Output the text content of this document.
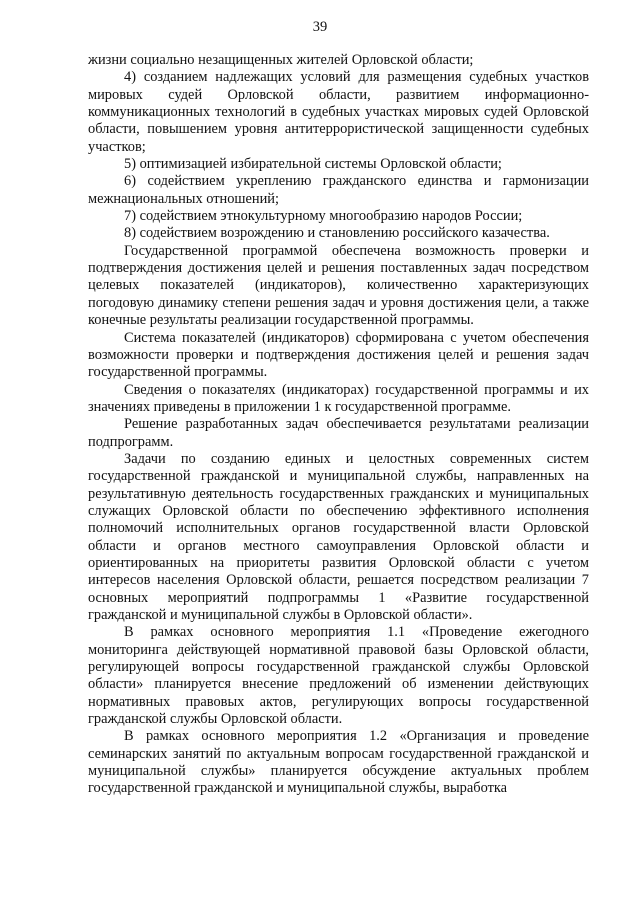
39

жизни социально незащищенных жителей Орловской области;

4) созданием надлежащих условий для размещения судебных участков мировых судей Орловской области, развитием информационно-коммуникационных технологий в судебных участках мировых судей Орловской области, повышением уровня антитеррористической защищенности судебных участков;

5) оптимизацией избирательной системы Орловской области;

6) содействием укреплению гражданского единства и гармонизации межнациональных отношений;

7) содействием этнокультурному многообразию народов России;

8) содействием возрождению и становлению российского казачества.

Государственной программой обеспечена возможность проверки и подтверждения достижения целей и решения поставленных задач посредством целевых показателей (индикаторов), количественно характеризующих погодовую динамику степени решения задач и уровня достижения цели, а также конечные результаты реализации государственной программы.

Система показателей (индикаторов) сформирована с учетом обеспечения возможности проверки и подтверждения достижения целей и решения задач государственной программы.

Сведения о показателях (индикаторах) государственной программы и их значениях приведены в приложении 1 к государственной программе.

Решение разработанных задач обеспечивается результатами реализации подпрограмм.

Задачи по созданию единых и целостных современных систем государственной гражданской и муниципальной службы, направленных на результативную деятельность государственных гражданских и муниципальных служащих Орловской области по обеспечению эффективного исполнения полномочий исполнительных органов государственной власти Орловской области и органов местного самоуправления Орловской области и ориентированных на приоритеты развития Орловской области с учетом интересов населения Орловской области, решается посредством реализации 7 основных мероприятий подпрограммы 1 «Развитие государственной гражданской и муниципальной службы в Орловской области».

В рамках основного мероприятия 1.1 «Проведение ежегодного мониторинга действующей нормативной правовой базы Орловской области, регулирующей вопросы государственной гражданской службы Орловской области» планируется внесение предложений об изменении действующих нормативных правовых актов, регулирующих вопросы государственной гражданской службы Орловской области.

В рамках основного мероприятия 1.2 «Организация и проведение семинарских занятий по актуальным вопросам государственной гражданской и муниципальной службы» планируется обсуждение актуальных проблем государственной гражданской и муниципальной службы, выработка
